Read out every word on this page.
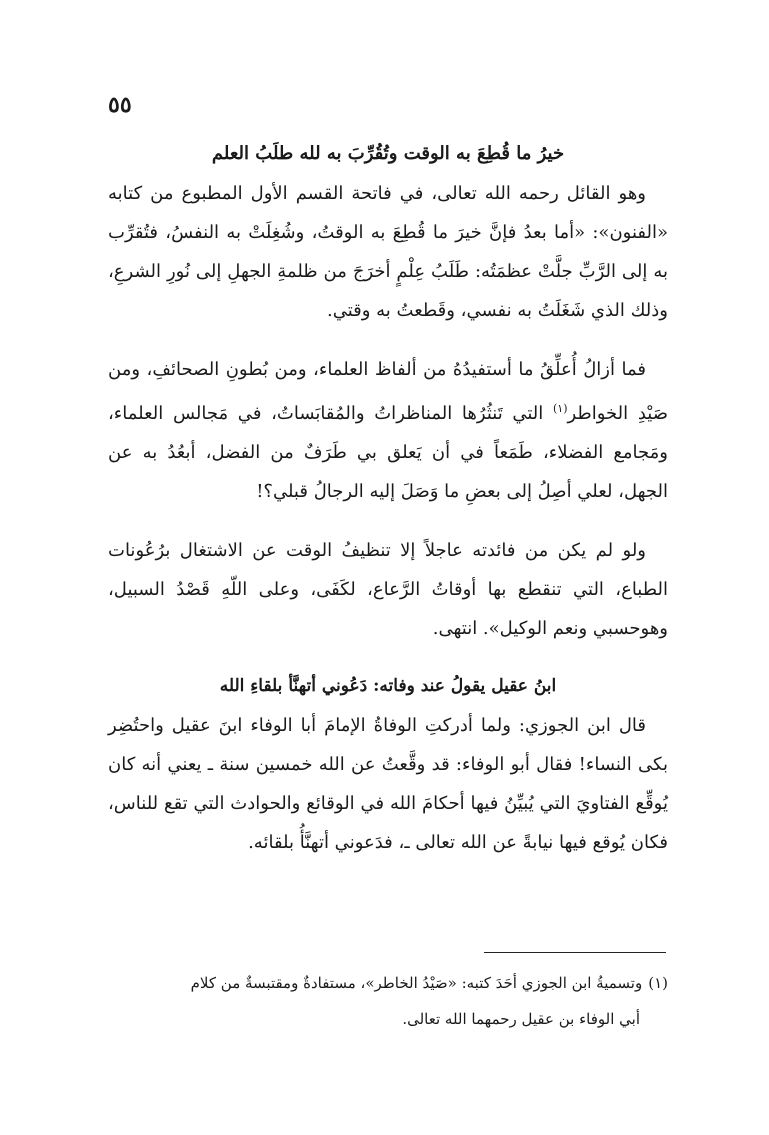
٥٥

خيرُ ما قُطِعَ به الوقت وتُقُرِّبَ به لله طلَبُ العلم

وهو القائل رحمه الله تعالى، في فاتحة القسم الأول المطبوع من كتابه «الفنون»: «أما بعدُ فإنَّ خيرَ ما قُطِعَ به الوقتُ، وشُغِلَتْ به النفسُ، فتُقرِّب به إلى الرَّبِّ جلَّتْ عظمَتُه: طَلَبُ عِلْمٍ أخرَجَ من ظلمةِ الجهلِ إلى نُورِ الشرعِ، وذلك الذي شَغَلَتُ به نفسي، وقَطعتُ به وقتي.

فما أزالُ أُعلِّقُ ما أستفيدُهُ من ألفاظ العلماء، ومن بُطونِ الصحائفِ، ومن صَيْدِ الخواطر$^{(١)}$ التي تَنثُرُها المناظراتُ والمُقابَساتُ، في مَجالس العلماء، ومَجامع الفضلاء، طَمَعاً في أن يَعلق بي طَرَفٌ من الفضل، أبعُدُ به عن الجهل، لعلي أصِلُ إلى بعضِ ما وَصَلَ إليه الرجالُ قبلي؟!

ولو لم يكن من فائدته عاجلاً إلا تنظيفُ الوقت عن الاشتغال برُعُونات الطباع، التي تنقطع بها أوقاتُ الرَّعاع، لكَفَى، وعلى اللّهِ قَصْدُ السبيل، وهوحسبي ونعم الوكيل». انتهى.

ابنُ عقيل يقولُ عند وفاته: دَعُوني أتهنَّأ بلقاءِ الله

قال ابن الجوزي: ولما أدركتِ الوفاةُ الإمامَ أبا الوفاء ابنَ عقيل واحتُضِر بكى النساء! فقال أبو الوفاء: قد وقَّعتُ عن الله خمسين سنة ـ يعني أنه كان يُوقِّع الفتاويَ التي يُبيِّنُ فيها أحكامَ الله في الوقائع والحوادث التي تقع للناس، فكان يُوقع فيها نيابةً عن الله تعالى ـ، فدَعوني أتهنَّأُ بلقائه.

(١)وتسميةُ ابن الجوزي أحَدَ كتبه: «صَيْدُ الخاطر»، مستفادةٌ ومقتبسةٌ من كلام
أبي الوفاء بن عقيل رحمهما الله تعالى.
